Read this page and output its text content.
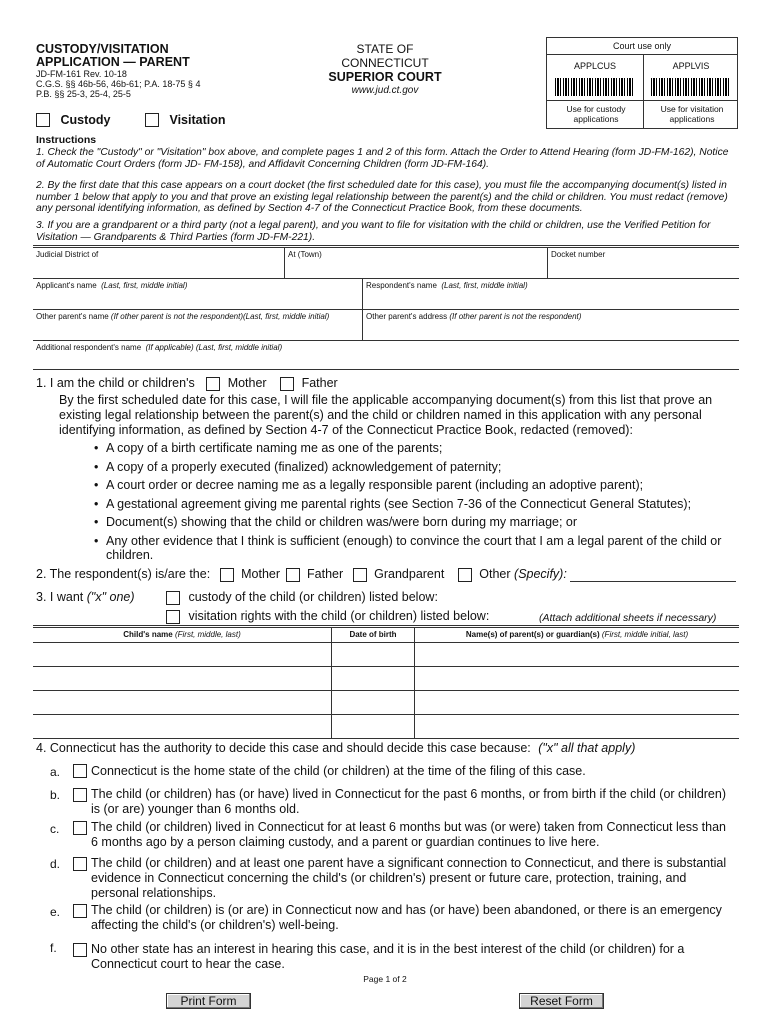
CUSTODY/VISITATION
APPLICATION — PARENT
JD-FM-161 Rev. 10-18
C.G.S. §§ 46b-56, 46b-61; P.A. 18-75 § 4
P.B. §§ 25-3, 25-4, 25-5
STATE OF CONNECTICUT
SUPERIOR COURT
www.jud.ct.gov
Custody	Visitation
Court use only
APPLCUS	APPLVIS
Use for custody applications
Use for visitation applications
Instructions
1. Check the "Custody" or "Visitation" box above, and complete pages 1 and 2 of this form. Attach the Order to Attend Hearing (form JD-FM-162), Notice of Automatic Court Orders (form JD- FM-158), and Affidavit Concerning Children (form JD-FM-164).
2. By the first date that this case appears on a court docket (the first scheduled date for this case), you must file the accompanying document(s) listed in number 1 below that apply to you and that prove an existing legal relationship between the parent(s) and the child or children. You must redact (remove) any personal identifying information, as defined by Section 4-7 of the Connecticut Practice Book, from these documents.
3. If you are a grandparent or a third party (not a legal parent), and you want to file for visitation with the child or children, use the Verified Petition for Visitation — Grandparents & Third Parties (form JD-FM-221).
Judicial District of	At (Town)	Docket number
Applicant's name (Last, first, middle initial)	Respondent's name (Last, first, middle initial)
Other parent's name (If other parent is not the respondent)(Last, first, middle initial)	Other parent's address (If other parent is not the respondent)
Additional respondent's name (If applicable) (Last, first, middle initial)
1. I am the child or children's	Mother	Father
By the first scheduled date for this case, I will file the applicable accompanying document(s) from this list that prove an existing legal relationship between the parent(s) and the child or children named in this application with any personal identifying information, as defined by Section 4-7 of the Connecticut Practice Book, redacted (removed):
• A copy of a birth certificate naming me as one of the parents;
• A copy of a properly executed (finalized) acknowledgement of paternity;
• A court order or decree naming me as a legally responsible parent (including an adoptive parent);
• A gestational agreement giving me parental rights (see Section 7-36 of the Connecticut General Statutes);
• Document(s) showing that the child or children was/were born during my marriage; or
• Any other evidence that I think is sufficient (enough) to convince the court that I am a legal parent of the child or children.
2. The respondent(s) is/are the: Mother Father Grandparent	Other (Specify):
3. I want ("x" one)	custody of the child (or children) listed below:
visitation rights with the child (or children) listed below:	(Attach additional sheets if necessary)
Child's name (First, middle, last)	Date of birth	Name(s) of parent(s) or guardian(s) (First, middle initial, last)
4. Connecticut has the authority to decide this case and should decide this case because: ("x" all that apply)
a. Connecticut is the home state of the child (or children) at the time of the filing of this case.
b. The child (or children) has (or have) lived in Connecticut for the past 6 months, or from birth if the child (or children) is (or are) younger than 6 months old.
c.	The child (or children) lived in Connecticut for at least 6 months but was (or were) taken from Connecticut less than 6 months ago by a person claiming custody, and a parent or guardian continues to live here.
d. The child (or children) and at least one parent have a significant connection to Connecticut, and there is substantial evidence in Connecticut concerning the child's (or children's) present or future care, protection, training, and personal relationships.
e. The child (or children) is (or are) in Connecticut now and has (or have) been abandoned, or there is an emergency affecting the child's (or children's) well-being.
f.	No other state has an interest in hearing this case, and it is in the best interest of the child (or children) for a Connecticut court to hear the case.
Page 1 of 2
Print Form	Reset Form
